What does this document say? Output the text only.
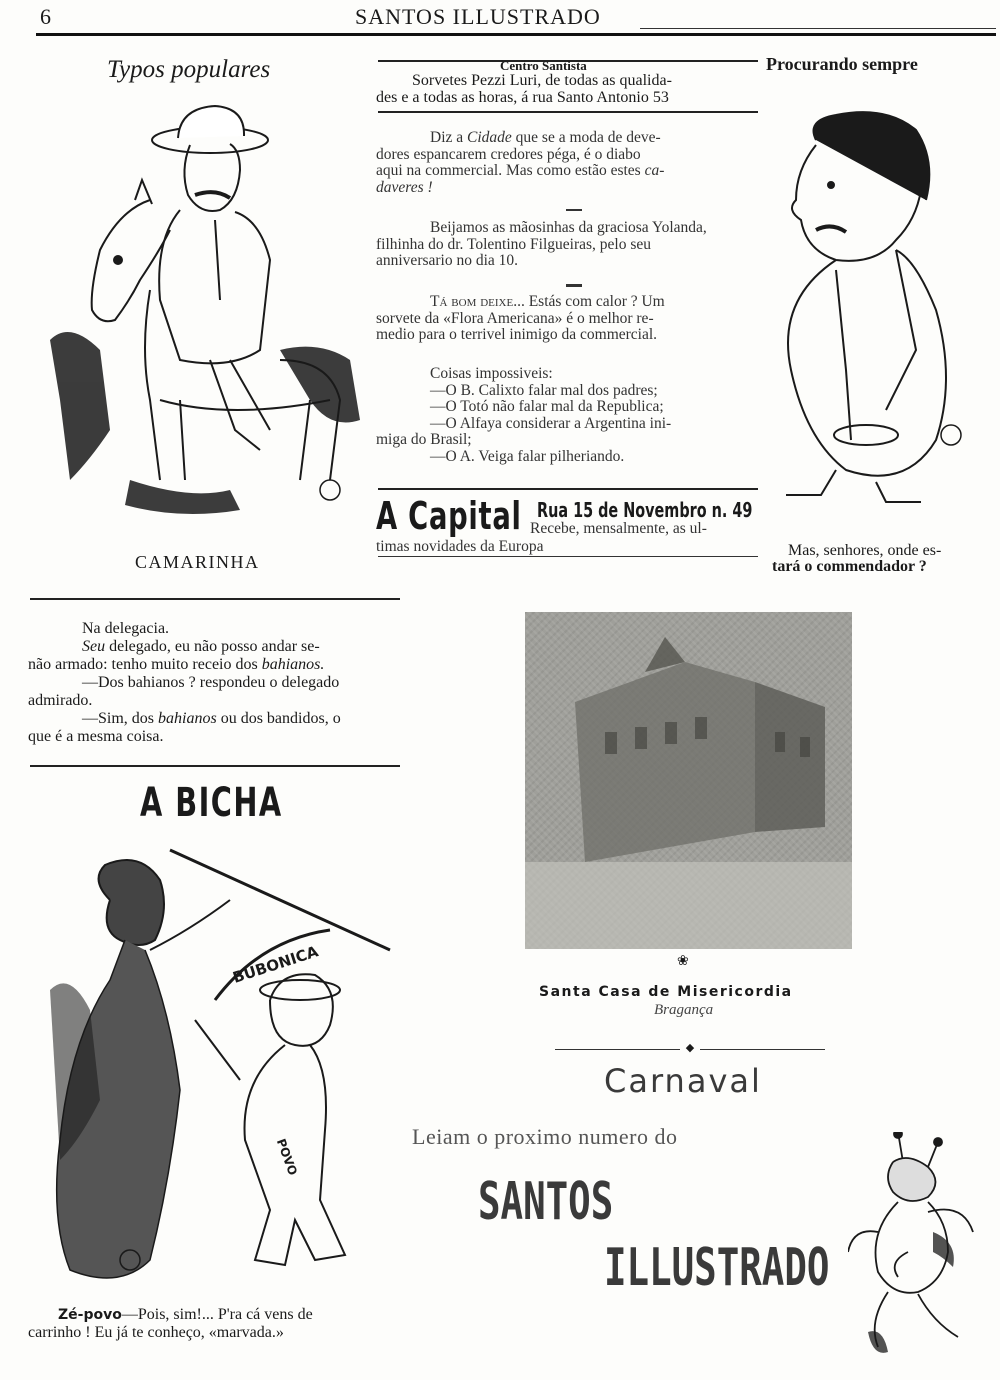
6	SANTOS ILLUSTRADO
Typos populares
CAMARINHA
Centro Santista
Sorvetes Pezzi Luri, de todas as qualida-
des e a todas as horas, á rua Santo Antonio 53

Diz a Cidade que se a moda de deve-

dores espancarem credores péga, é o diabo

aqui na commercial. Mas como estão estes ca-

daveres !

Beijamos as mãosinhas da graciosa Yolanda,

filhinha do dr. Tolentino Filgueiras, pelo seu

anniversario no dia 10.

Tá bom deixe... Estás com calor ? Um

sorvete da «Flora Americana» é o melhor re-

medio para o terrivel inimigo da commercial.

Coisas impossiveis:

—O B. Calixto falar mal dos padres;

—O Totó não falar mal da Republica;

—O Alfaya considerar a Argentina ini-

miga do Brasil;

—O A. Veiga falar pilheriando.

A Capital Rua 15 de Novembro n. 49
Recebe, mensalmente, as ul-
timas novidades da Europa
Procurando sempre
Mas, senhores, onde es-
tará o commendador ?

Na delegacia.

Seu delegado, eu não posso andar se-

não armado: tenho muito receio dos bahianos.

—Dos bahianos ? respondeu o delegado

admirado.

—Sim, dos bahianos ou dos bandidos, o

que é a mesma coisa.

A BICHA
BUBONICA
POVO

Zé-povo—Pois, sim!... P'ra cá vens de

carrinho ! Eu já te conheço, «marvada.»
❀
Santa Casa de Misericordia
Bragança
◆
Carnaval
Leiam o proximo numero do
SANTOS
ILLUSTRADO
